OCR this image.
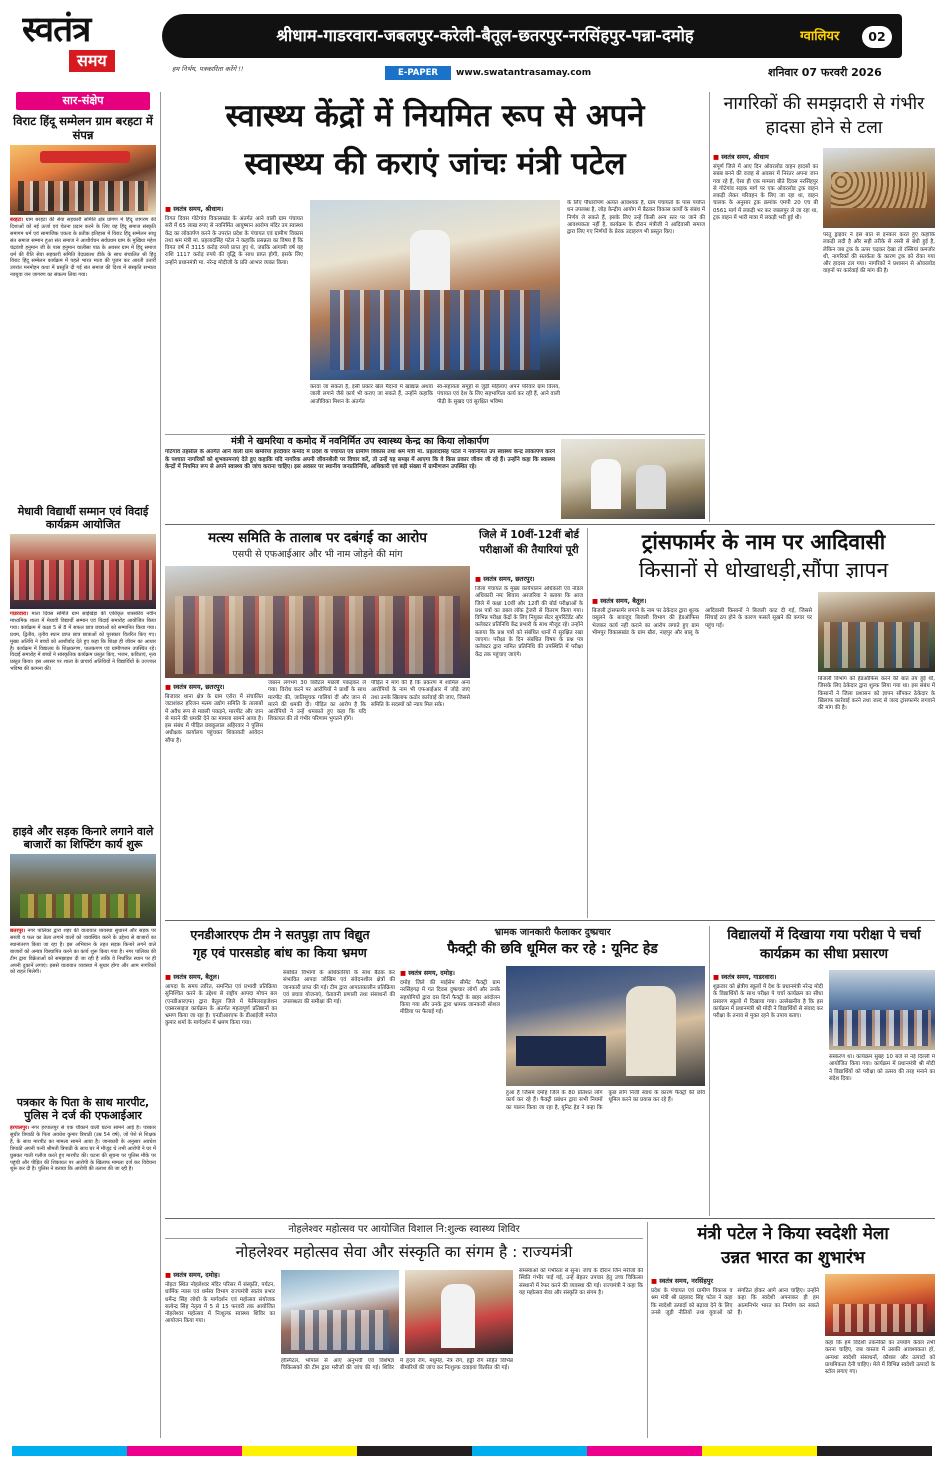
स्वतंत्र
समय	हम निर्भय, पत्रकारिता करेंगे !!
श्रीधाम-गाडरवारा-जबलपुर-करेली-बैतूल-छतरपुर-नरसिंहपुर-पन्ना-दमोह	ग्वालियर	02
E-PAPER	www.swatantrasamay.com	शनिवार 07 फरवरी 2026
सार-संक्षेप
विराट हिंदू सम्मेलन ग्राम बरहटा में संपन्न
बरहटा। ग्राम बरहटा की सेवा सहकारी समिति क्षेत्र प्रांगण में हिंदू जागरण की दिशाओं को नई ऊर्जा एवं चेतना प्रदान करने के लिए यह हिंदू समाज संस्कृति समागम धर्म एवं सामाजिक एकता के प्रतीक इतिहास में विराट हिंदू सम्मेलन साधु संत समाज सम्मान हुआ संत समाज ने आशीर्वचन सर्वप्रथम ग्राम के मुखिया महेश चंद्रवंशी हनुमान जी के पास हनुमान चालीसा पाठ के अवसर ग्राम में हिंदू समाज धर्म की रीति सेवा सहकारी समिति वेदप्रकाश डीके के साथ संचालित श्री हिंदू विराट हिंदू सम्मेलन कार्यक्रम में पहले भारत माता की पूजन कर आरती उतारी उपरांत मनमोहन कथा में प्रस्तुति दी गई संत समाज की दिशा में संस्कृति सभ्यता नवयुवा जन जागरण का संकल्प लिया गया।
मेधावी विद्यार्थी सम्मान एवं विदाई कार्यक्रम आयोजित
गाडरवारा। माता दिवस समिति ग्राम साईखेड़ा की एकीकृत शासकीय नवीन माध्यमिक शाला में मेधावी विद्यार्थी सम्मान एवं विदाई समारोह आयोजित किया गया। कार्यक्रम में कक्षा 5 से 8 में सफल छात्र छात्राओं को सम्मानित किया गया। प्रथम, द्वितीय, तृतीय स्थान प्राप्त छात्र छात्राओं को पुरस्कार वितरित किए गए। मुख्य अतिथि ने बच्चों को आशीर्वाद देते हुए कहा कि शिक्षा ही जीवन का आधार है। कार्यक्रम में विद्यालय के शिक्षकगण, पालकगण एवं ग्रामीणजन उपस्थित रहे। विदाई समारोह में बच्चों ने सांस्कृतिक कार्यक्रम प्रस्तुत किए, भजन, कविताएं, नृत्य प्रस्तुत किया। इस अवसर पर शाला के प्राचार्य अतिथियों ने विद्यार्थियों के उज्ज्वल भविष्य की कामना की।
हाइवे और सड़क किनारे लगाने वाले बाजारों का शिफ्टिंग कार्य शुरू
छतरपुर। नगर पालिका द्वारा शहर की यातायात व्यवस्था सुधारने और सड़क पर सब्जी व फल का ठेला लगाने वालों को व्यवस्थित करने के उद्देश्य से बाजारों का स्थानांतरण किया जा रहा है। इस अभियान के तहत सड़क किनारे लगने वाले बाजारों को अन्यत्र विस्थापित करने का कार्य शुरू किया गया है। नगर पालिका की टीम द्वारा विक्रेताओं को समझाइश दी जा रही है ताकि वे निर्धारित स्थान पर ही अपनी दुकानें लगाएं। इससे यातायात व्यवस्था में सुधार होगा और आम नागरिकों को राहत मिलेगी।
पत्रकार के पिता के साथ मारपीट, पुलिस ने दर्ज की एफआईआर
हरपालपुर। नगर हरपालपुर से एक चौंकाने वाली घटना सामने आई है। पत्रकार सुधीर त्रिपाठी के पिता अवधेश कुमार त्रिपाठी (उम्र 54 वर्ष), जो पेशे से शिक्षक हैं, के साथ मारपीट का मामला सामने आया है। जानकारी के अनुसार अवधेश त्रिपाठी अपनी पत्नी श्रीमती त्रिपाठी के साथ घर में मौजूद थे तभी आरोपी ने घर में घुसकर गाली गलौज करते हुए मारपीट की। घटना की सूचना पर पुलिस मौके पर पहुंची और पीड़ित की शिकायत पर आरोपी के खिलाफ मामला दर्ज कर विवेचना शुरू कर दी है। पुलिस ने बताया कि आरोपी की तलाश की जा रही है।
स्वास्थ्य केंद्रों में नियमित रूप से अपने
स्वास्थ्य की कराएं जांचः मंत्री पटेल
■ स्वतंत्र समय, श्रीधाम।
विगत दिवस गोटेगांव विकासखंड के अंतर्गत आने वाली ग्राम पंचायत सरी में 65 लाख रुपए से नवनिर्मित आयुष्मान आरोग्य मंदिर उप स्वास्थ्य केंद्र का लोकार्पण करने के उपरांत प्रदेश के पंचायत एवं ग्रामीण विकास तथा श्रम मंत्री मा. प्रहलादसिंह पटेल ने कहाकि प्रसन्नता का विषय है कि विगत वर्ष में 3115 करोड़ रुपये प्राप्त हुए थे, जबकि आगामी वर्ष यह राशि 1117 करोड़ रुपये की वृद्धि के साथ प्राप्त होगी, इसके लिए उन्होंने प्रधानमंत्री मा. नरेन्द्र मोदीजी के प्रति आभार व्यक्त किया।
करवा जा सकता है, इसी प्रकार खेल मैदानों में खाद्यान्न अथवा जाली लगाने जैसे कार्य भी कराए जा सकते हैं, उन्होंने कहाकि आजीविका मिशन के अंतर्गत
स्व-सहायता समूहों से जुड़ी महिलाएं अपने परिवार ग्राम विलय, पंचायत एवं देश के लिए सहभागिता कार्य कर रही हैं, आने वाली पीढ़ी के सुखद एवं सुरक्षित भविष्य
के लिए पौधारोपण अत्यंत आवश्यक है, ग्राम पंचायतों के पास पर्याप्त धन उपलब्ध है, जोड़ केन्द्रीय आयोग में बैठकर विकास कार्यों के संबंध में निर्णय ले सकते हैं, इसके लिए उन्हें किसी अन्य स्तर पर जाने की आवश्यकता नहीं है, कार्यक्रम के दौरान मंत्रीजी ने आदिवासी समाज द्वारा लिए गए निर्णयों के प्रेरक उदाहरण भी प्रस्तुत किए।
मंत्री ने खमरिया व कमोद में नवनिर्मित उप स्वास्थ्य केन्द्र का किया लोकार्पण
गोटेगांव तहसील के अंतर्गत आने वाली ग्राम खमरिया हरदौंवार कमोद में प्रदेश के पंचायत एवं ग्रामीण विकास तथा श्रम मंत्री मा. प्रहलादसिंह पटेल ने नवनिर्मित उप स्वास्थ्य केन्द्र लोकार्पण करने के पश्चात नागरिकों को शुभकामनाएं देते हुए कहाकि यदि नागरिक अपनी जीवनशैली पर विचार करें, तो उन्हें यह समझ में आएगा कि वे किस प्रकार जीवन जी रहे हैं। उन्होंने कहा कि स्वास्थ्य केन्द्रों में नियमित रूप से अपने स्वास्थ्य की जांच कराना चाहिए। इस अवसर पर स्थानीय जनप्रतिनिधि, अधिकारी एवं बड़ी संख्या में ग्रामीणजन उपस्थित रहे।
नागरिकों की समझदारी से गंभीर हादसा होने से टला
■ स्वतंत्र समय, श्रीधाम
संपूर्ण जिले में आए दिन ओवरलोड वाहन हादसों का सबब बनने की वजह से अवसर में निरंतर अपना जान गवा रहे हैं, ऐसा ही एक मामला बीते दिवस नरसिंहपुर से गोटेगांव सड़क मार्ग पर एक ओवरलोड ट्रक वाहन लकड़ी लेकर परिवहन के लिए जा रहा था, वाहन चालक के अनुसार ट्रक क्रमांक एमपी 20 एच बी 0561 मार्ग में लकड़ी भर कर जबलपुर ले जा रहा था, ट्रक वाहन में भारी मात्रा में लकड़ी भरी हुई थी।
परंतु ड्राइवर ने इस बात से इनकार करते हुए कहाकि लकड़ी लदी है और सही तरीके से रस्सी से बंधी हुई है, लेकिन जब ट्रक के ऊपर चढ़कर देखा तो रस्सियां कमजोर थी, नागरिकों की सतर्कता के कारण ट्रक को रोका गया और हादसा टल गया। नागरिकों ने प्रशासन से ओवरलोड वाहनों पर कार्रवाई की मांग की है।
मत्स्य समिति के तालाब पर दबंगई का आरोप
एसपी से एफआईआर और भी नाम जोड़ने की मांग
■ स्वतंत्र समय, छतरपुर।
बिजावर थाना क्षेत्र के ग्राम एरोरा में संचालित जटाशंकर हरिजन मत्स्य उद्योग समिति के तालाबों में अवैध रूप से मछली पकड़ने, मारपीट और जान से मारने की धमकी देने का मामला सामने आया है। इस संबंध में पीड़ित छक्कूलाल अहिरवार ने पुलिस अधीक्षक कार्यालय पहुंचकर शिकायती आवेदन सौंपा है।
जबरन लगभग 30 क्विंटल मछली पकड़कर ले गया। विरोध करने पर आरोपियों ने प्रार्थी के साथ मारपीट की, जातिसूचक गालियां दीं और जान से मारने की धमकी दी। पीड़ित का आरोप है कि आरोपियों ने उन्हें धमकाते हुए कहा कि यदि शिकायत की तो गंभीर परिणाम भुगतने होंगे।
पीड़ित ने मांग की है कि प्रकरण में शामिल अन्य आरोपियों के नाम भी एफआईआर में जोड़े जाएं तथा उनके खिलाफ कठोर कार्रवाई की जाए, जिससे समिति के सदस्यों को न्याय मिल सके।
जिले में 10वीं-12वीं बोर्ड परीक्षाओं की तैयारियां पूरी
■ स्वतंत्र समय, छतरपुर।
जिला पंचायत के मुख्य कार्यपालन अधिकारी एवं नोडल अधिकारी नमः शिवाय अरजरिया ने बताया कि आज जिले में कक्षा 10वीं और 12वीं की बोर्ड परीक्षाओं के प्रश्न पत्रों का डबल लॉक ट्रेजरी से वितरण किया गया। विभिन्न परीक्षा केंद्रों के लिए नियुक्त सेंटर सुपरिंटेंडेंट और कलेक्टर प्रतिनिधि केंद्र प्रभारी के साथ मौजूद रहे। उन्होंने बताया कि प्रश्न पत्रों को संबंधित थानों में सुरक्षित रखा जाएगा। परीक्षा के दिन संबंधित विषय के प्रश्न पत्र कलेक्टर द्वारा नामित प्रतिनिधि की उपस्थिति में परीक्षा केंद्र तक पहुंचाए जाएंगे।
ट्रांसफार्मर के नाम पर आदिवासी
किसानों से धोखाधड़ी,सौंपा ज्ञापन
■ स्वतंत्र समय, बैतूल।
बिजली ट्रांसफार्मर लगाने के नाम पर ठेकेदार द्वारा शुल्क वसूलने के बावजूद बिजली विभाग की हेडऑफिस भेजकर कार्य नहीं कराने का आरोप लगाते हुए ग्राम भीमपुर विकासखंड के ग्राम खैरा, नाहपुर और बालू के आदिवासी किसानों ने बिजली काट दी गई, जिससे सिंचाई ठप होने के कारण फसलें सूखने की कगार पर पहुंच गईं।
बिजली विभाग को हेडऑफिस करने की बात तय हुई थी, जिसके लिए ठेकेदार द्वारा शुल्क लिया गया था। इस संबंध में किसानों ने जिला प्रशासन को ज्ञापन सौंपकर ठेकेदार के खिलाफ कार्रवाई करने तथा जल्द से जल्द ट्रांसफार्मर लगवाने की मांग की है।
एनडीआरएफ टीम ने सतपुड़ा ताप विद्युत
गृह एवं पारसडोह बांध का किया भ्रमण
■ स्वतंत्र समय, बैतूल।
आपदा के समय त्वरित, समन्वित एवं प्रभावी प्रतिक्रिया सुनिश्चित करने के उद्देश्य से राष्ट्रीय आपदा मोचन बल (एनडीआरएफ) द्वारा बैतूल जिले में फेमिलराइजेशन एक्सरसाइज कार्यक्रम के अंतर्गत महत्वपूर्ण प्रतिष्ठानों का भ्रमण किया जा रहा है। एनडीआरएफ के डीआईजी मनोज कुमार शर्मा के मार्गदर्शन में भ्रमण किया गया।
संबंधित विभागों के अधिकारियों के साथ बैठक कर संभावित आपदा जोखिम एवं संवेदनशील क्षेत्रों की जानकारी प्राप्त की गई। टीम द्वारा आपातकालीन प्रतिक्रिया एवं बचाव योजनाएं, चेतावनी प्रणाली तथा संसाधनों की उपलब्धता की समीक्षा की गई।
भ्रामक जानकारी फैलाकर दुष्प्रचार
फैक्ट्री की छवि धूमिल कर रहे : यूनिट हेड
■ स्वतंत्र समय, दमोह।
दमोह जिले की माईसेम सीमेंट फैक्ट्री ग्राम नरसिंहगढ़ में गत दिवस दुष्प्रचार लोगों और उनके सहयोगियों द्वारा दस दिनों फैक्ट्री के बाहर आंदोलन किया गया और उनके द्वारा भ्रामक जानकारी सोशल मीडिया पर फैलाई गई।
हुआ है जिसमें दमोह जिले के 80 प्रतिशत लोग कार्य कर रहे हैं। फैक्ट्री प्रबंधन द्वारा सभी नियमों का पालन किया जा रहा है, यूनिट हेड ने कहा कि कुछ लोग निजी स्वार्थ के कारण फैक्ट्री की छवि धूमिल करने का प्रयास कर रहे हैं।
विद्यालयों में दिखाया गया परीक्षा पे चर्चा कार्यक्रम का सीधा प्रसारण
■ स्वतंत्र समय, गाडरवारा।
शुक्रवार को क्षेत्रीय स्कूलों में देश के प्रधानमंत्री नरेन्द्र मोदी के विद्यार्थियों के साथ परीक्षा पे चर्चा कार्यक्रम का सीधा प्रसारण स्कूलों में दिखाया गया। उल्लेखनीय है कि इस कार्यक्रम में प्रधानमंत्री श्री मोदी ने विद्यार्थियों से संवाद कर परीक्षा के तनाव से मुक्त रहने के उपाय बताए।
संस्करण था। कार्यक्रम सुबह 10 बजे से नई दिल्ली में आयोजित किया गया। कार्यक्रम में प्रधानमंत्री श्री मोदी ने विद्यार्थियों को परीक्षा को उत्सव की तरह मनाने का संदेश दिया।
नोहलेश्वर महोत्सव पर आयोजित विशाल नि:शुल्क स्वास्थ्य शिविर
नोहलेश्वर महोत्सव सेवा और संस्कृति का संगम है : राज्यमंत्री
■ स्वतंत्र समय, दमोह।
नोहटा स्थित नोहलेश्वर मंदिर परिसर में संस्कृति, पर्यटन, धार्मिक न्यास एवं धर्मस्व विभाग राज्यमंत्री स्वतंत्र प्रभार धर्मेन्द्र सिंह लोधी के मार्गदर्शन एवं महोत्सव संयोजक सत्येन्द्र सिंह नेतृत्व में 5 से 15 फरवरी तक आयोजित नोहलेश्वर महोत्सव में निःशुल्क स्वास्थ्य शिविर का आयोजन किया गया।
हॉस्पिटल, भोपाल से आए अनुभवी एवं विशेषज्ञ चिकित्सकों की टीम द्वारा मरीजों की जांच की गई। शिविर में हृदय रोग, मधुमेह, नेत्र रोग, हड्डी रोग सहित विभिन्न बीमारियों की जांच कर निःशुल्क दवाइयां वितरित की गईं।
समस्याओं को गंभीरता से सुना। जांच के दौरान जिन मरीजों की स्थिति गंभीर पाई गई, उन्हें बेहतर उपचार हेतु उच्च चिकित्सा संस्थानों में रेफर करने की व्यवस्था की गई। राज्यमंत्री ने कहा कि यह महोत्सव सेवा और संस्कृति का संगम है।
मंत्री पटेल ने किया स्वदेशी मेला
उन्नत भारत का शुभारंभ
■ स्वतंत्र समय, नरसिंहपुर
प्रदेश के पंचायत एवं ग्रामीण विकास व श्रम मंत्री श्री प्रहलाद सिंह पटेल ने कहा कि स्वदेशी उत्पादों को बढ़ावा देने के लिए उनसे जुड़ी नीतियों तथा युवाओं को संगठित होकर आगे आना चाहिए। उन्होंने कहा कि स्वदेशी अपनाकर ही हम आत्मनिर्भर भारत का निर्माण कर सकते हैं।
कहा कि हमें विदेशी तकनीकों का उपयोग केवल तभी करना चाहिए, जब वास्तव में उसकी आवश्यकता हो, अन्यथा स्वदेशी संसाधनों, कौशल और उत्पादों को प्राथमिकता देनी चाहिए। मेले में विभिन्न स्वदेशी उत्पादों के स्टॉल लगाए गए।
